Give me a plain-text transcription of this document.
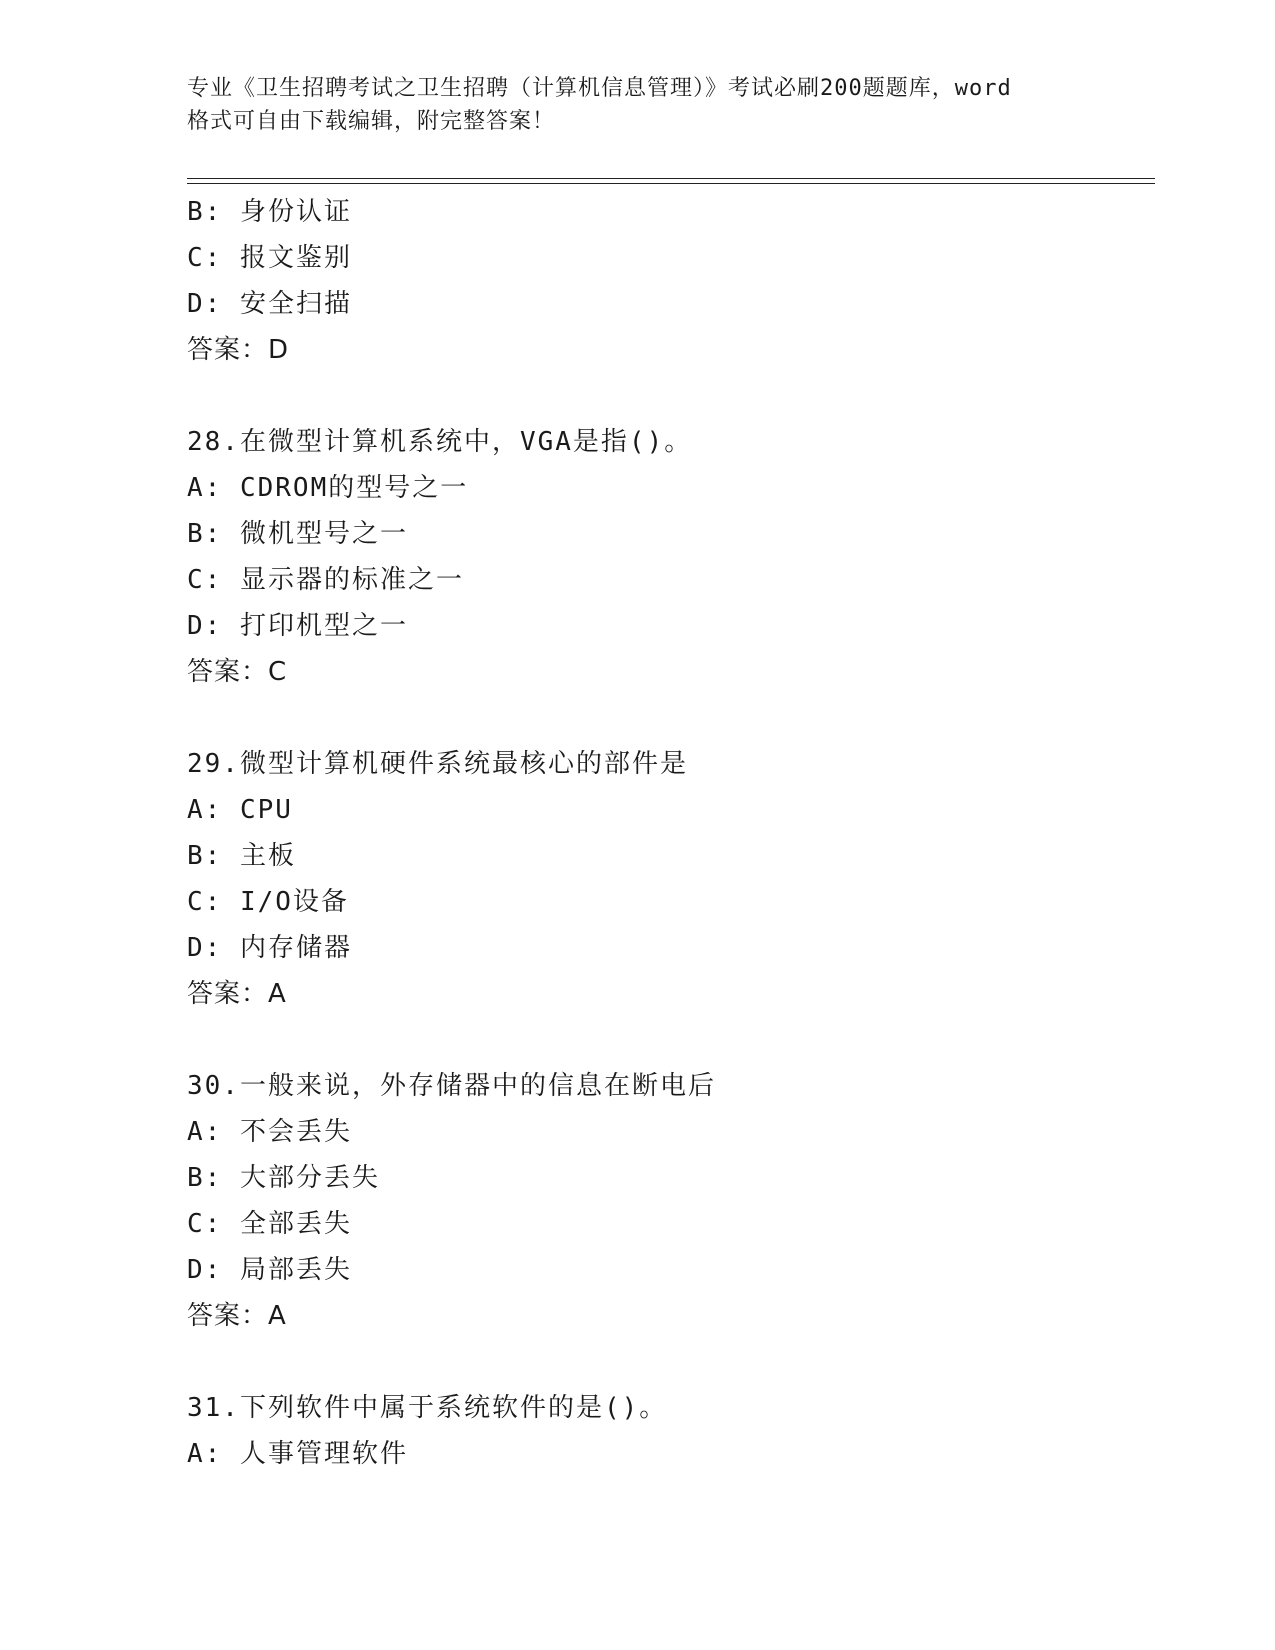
专业《卫生招聘考试之卫生招聘（计算机信息管理）》考试必刷200题题库，word
格式可自由下载编辑，附完整答案！
B: 身份认证
C: 报文鉴别
D: 安全扫描
答案：D
28.在微型计算机系统中，VGA是指()。
A: CDROM的型号之一
B: 微机型号之一
C: 显示器的标准之一
D: 打印机型之一
答案：C
29.微型计算机硬件系统最核心的部件是
A: CPU
B: 主板
C: I/O设备
D: 内存储器
答案：A
30.一般来说，外存储器中的信息在断电后
A: 不会丢失
B: 大部分丢失
C: 全部丢失
D: 局部丢失
答案：A
31.下列软件中属于系统软件的是()。
A: 人事管理软件
